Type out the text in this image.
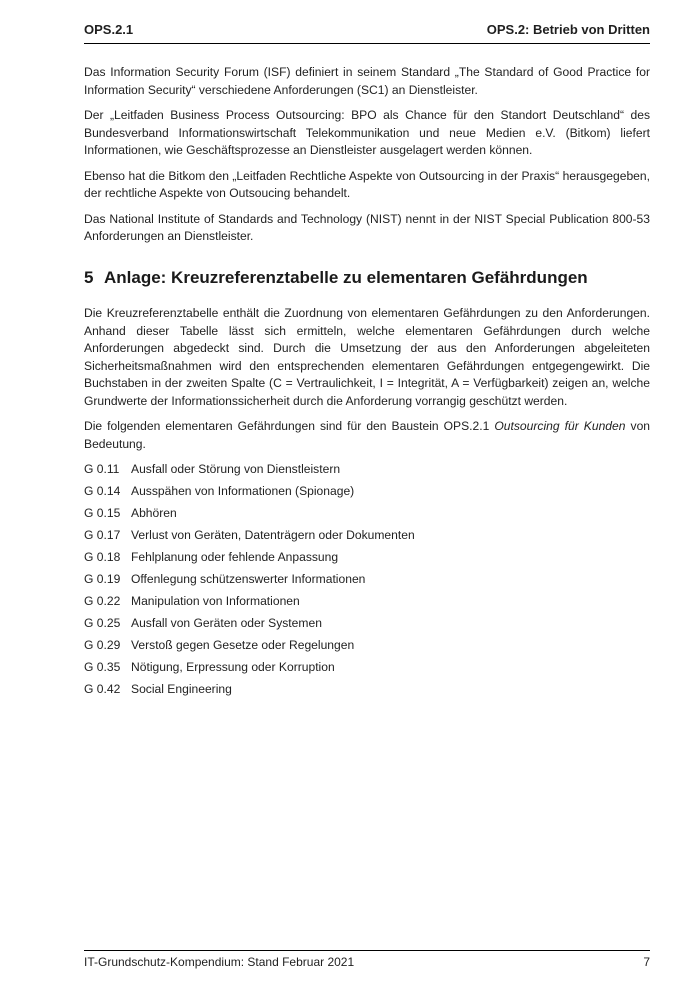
OPS.2.1	OPS.2: Betrieb von Dritten

Das Information Security Forum (ISF) definiert in seinem Standard „The Standard of Good Practice for Information Security“ verschiedene Anforderungen (SC1) an Dienstleister.

Der „Leitfaden Business Process Outsourcing: BPO als Chance für den Standort Deutschland“ des Bundesverband Informationswirtschaft Telekommunikation und neue Medien e.V. (Bitkom) liefert Informationen, wie Geschäftsprozesse an Dienstleister ausgelagert werden können.

Ebenso hat die Bitkom den „Leitfaden Rechtliche Aspekte von Outsourcing in der Praxis“ herausgegeben, der rechtliche Aspekte von Outsoucing behandelt.

Das National Institute of Standards and Technology (NIST) nennt in der NIST Special Publication 800-53 Anforderungen an Dienstleister.

5 Anlage: Kreuzreferenztabelle zu elementaren Gefährdungen

Die Kreuzreferenztabelle enthält die Zuordnung von elementaren Gefährdungen zu den Anforderungen. Anhand dieser Tabelle lässt sich ermitteln, welche elementaren Gefährdungen durch welche Anforderungen abgedeckt sind. Durch die Umsetzung der aus den Anforderungen abgeleiteten Sicherheitsmaßnahmen wird den entsprechenden elementaren Gefährdungen entgegengewirkt. Die Buchstaben in der zweiten Spalte (C = Vertraulichkeit, I = Integrität, A = Verfügbarkeit) zeigen an, welche Grundwerte der Informationssicherheit durch die Anforderung vorrangig geschützt werden.

Die folgenden elementaren Gefährdungen sind für den Baustein OPS.2.1 Outsourcing für Kunden von Bedeutung.

G 0.11 Ausfall oder Störung von Dienstleistern
G 0.14 Ausspähen von Informationen (Spionage)
G 0.15 Abhören
G 0.17 Verlust von Geräten, Datenträgern oder Dokumenten
G 0.18 Fehlplanung oder fehlende Anpassung
G 0.19 Offenlegung schützenswerter Informationen
G 0.22 Manipulation von Informationen
G 0.25 Ausfall von Geräten oder Systemen
G 0.29 Verstoß gegen Gesetze oder Regelungen
G 0.35 Nötigung, Erpressung oder Korruption
G 0.42 Social Engineering
IT-Grundschutz-Kompendium: Stand Februar 2021	7
